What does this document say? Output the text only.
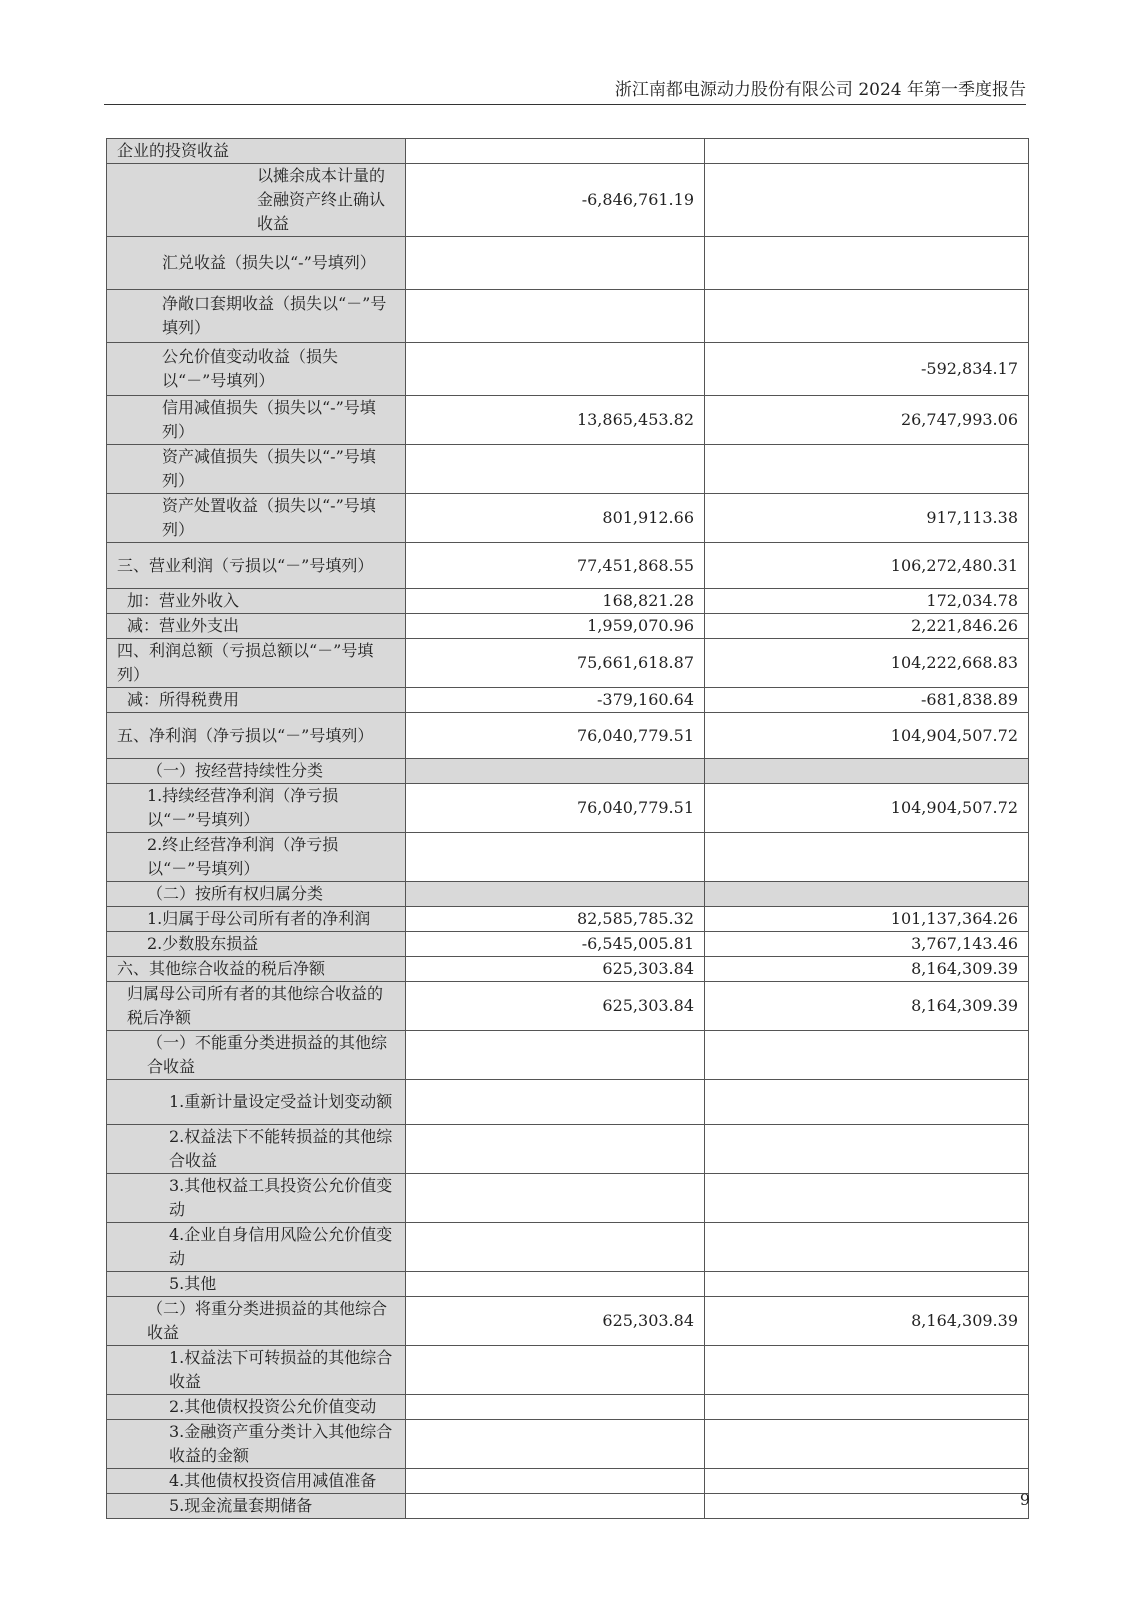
浙江南都电源动力股份有限公司 2024 年第一季度报告
企业的投资收益		
以摊余成本计量的金融资产终止确认收益	-6,846,761.19	
汇兑收益（损失以“-”号填列）		
净敞口套期收益（损失以“－”号填列）		
公允价值变动收益（损失以“－”号填列）		-592,834.17
信用减值损失（损失以“-”号填列）	13,865,453.82	26,747,993.06
资产减值损失（损失以“-”号填列）		
资产处置收益（损失以“-”号填列）	801,912.66	917,113.38
三、营业利润（亏损以“－”号填列）	77,451,868.55	106,272,480.31
加：营业外收入	168,821.28	172,034.78
减：营业外支出	1,959,070.96	2,221,846.26
四、利润总额（亏损总额以“－”号填列）	75,661,618.87	104,222,668.83
减：所得税费用	-379,160.64	-681,838.89
五、净利润（净亏损以“－”号填列）	76,040,779.51	104,904,507.72
（一）按经营持续性分类		
1.持续经营净利润（净亏损以“－”号填列）	76,040,779.51	104,904,507.72
2.终止经营净利润（净亏损以“－”号填列）		
（二）按所有权归属分类		
1.归属于母公司所有者的净利润	82,585,785.32	101,137,364.26
2.少数股东损益	-6,545,005.81	3,767,143.46
六、其他综合收益的税后净额	625,303.84	8,164,309.39
归属母公司所有者的其他综合收益的税后净额	625,303.84	8,164,309.39
（一）不能重分类进损益的其他综合收益		
1.重新计量设定受益计划变动额		
2.权益法下不能转损益的其他综合收益		
3.其他权益工具投资公允价值变动		
4.企业自身信用风险公允价值变动		
5.其他		
（二）将重分类进损益的其他综合收益	625,303.84	8,164,309.39
1.权益法下可转损益的其他综合收益		
2.其他债权投资公允价值变动		
3.金融资产重分类计入其他综合收益的金额		
4.其他债权投资信用减值准备		
5.现金流量套期储备			9
